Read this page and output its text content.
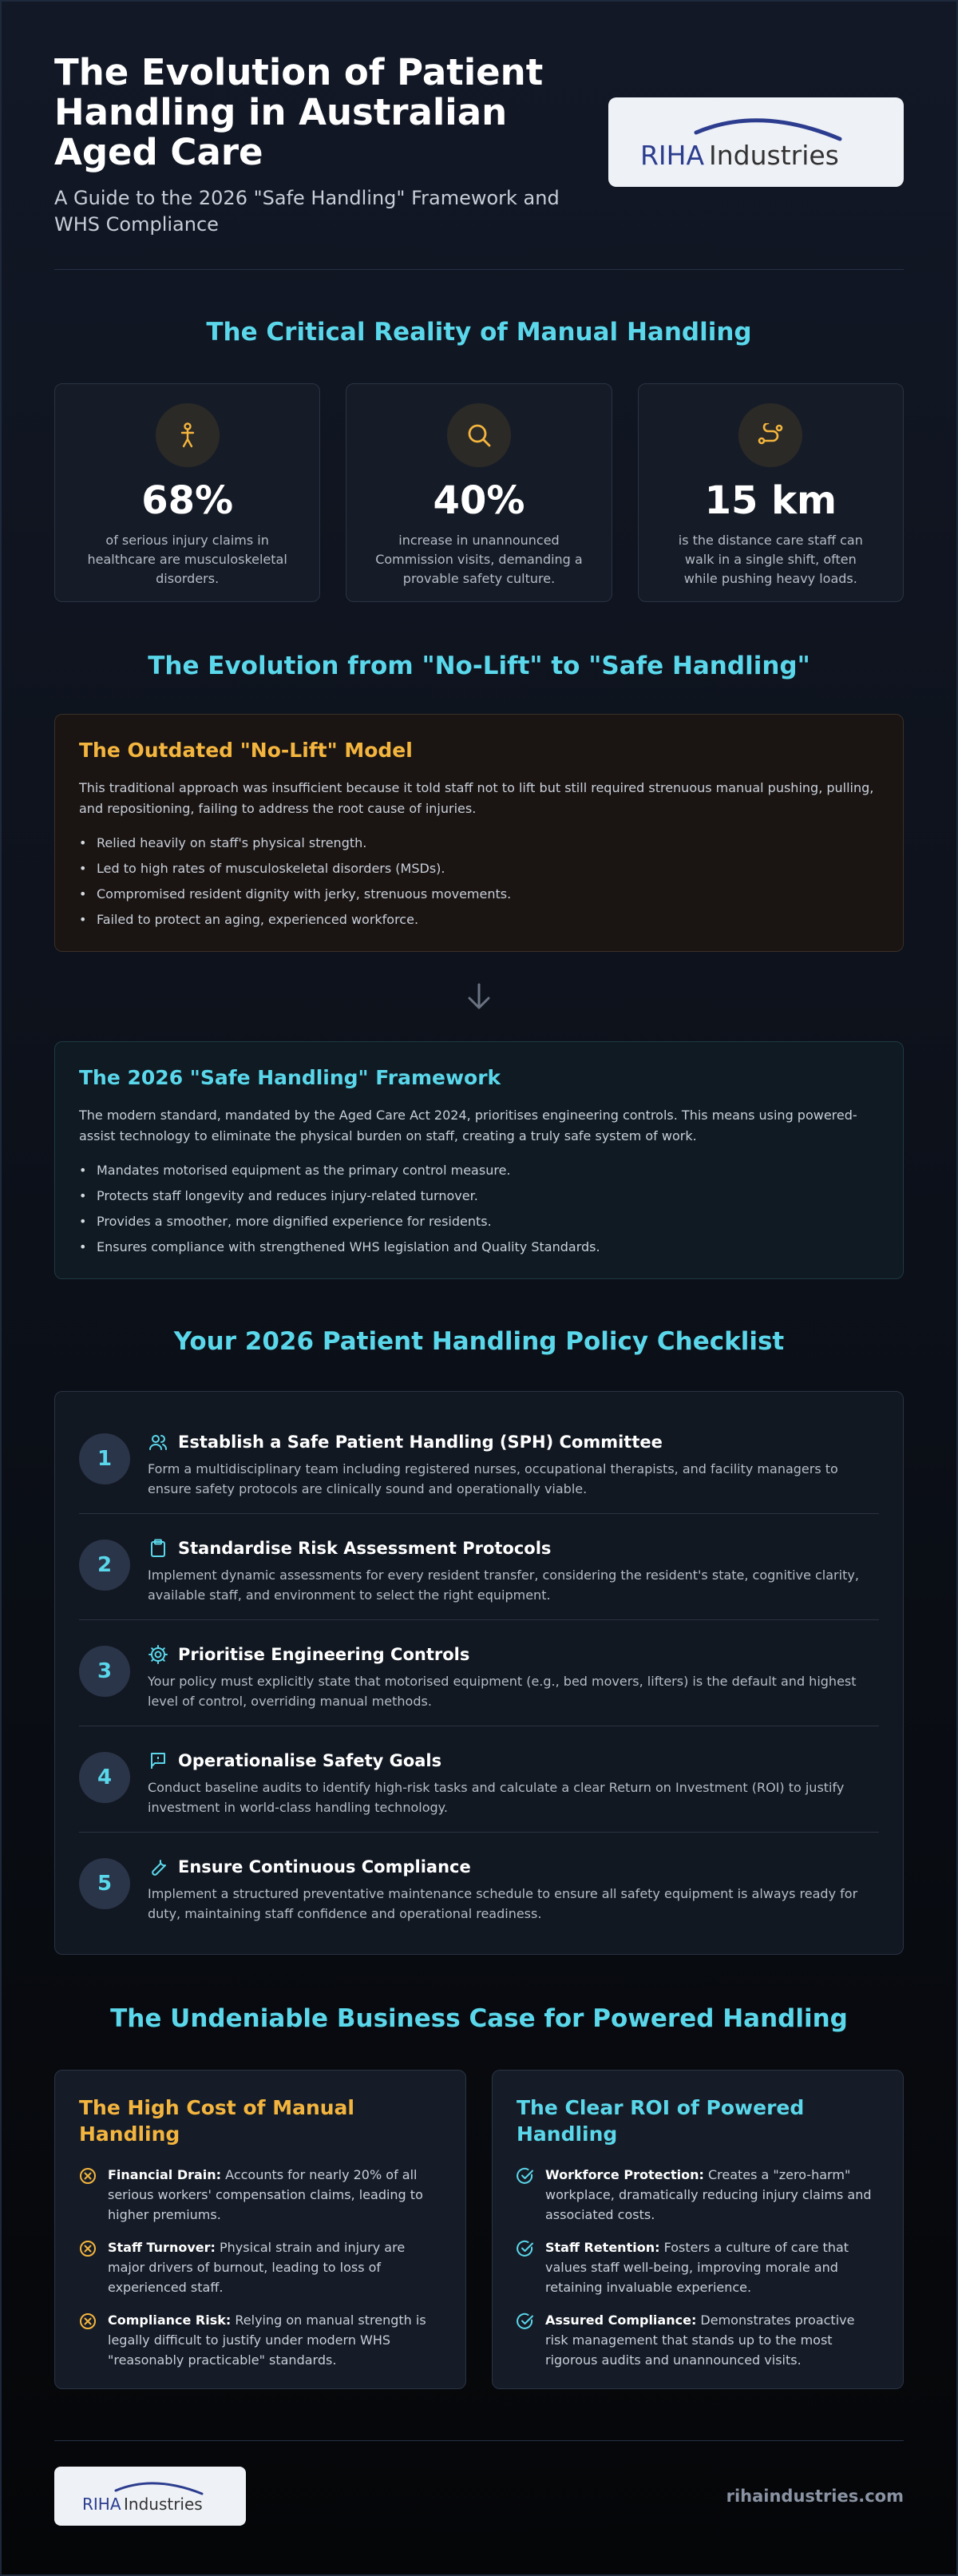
The Evolution of Patient Handling in Australian Aged Care

A Guide to the 2026 "Safe Handling" Framework and WHS Compliance

RIHA Industries
The Critical Reality of Manual Handling
68%

of serious injury claims in healthcare are musculoskeletal disorders.

40%

increase in unannounced Commission visits, demanding a provable safety culture.

15 km

is the distance care staff can walk in a single shift, often while pushing heavy loads.

The Evolution from "No-Lift" to "Safe Handling"
The Outdated "No-Lift" Model

This traditional approach was insufficient because it told staff not to lift but still required strenuous manual pushing, pulling, and repositioning, failing to address the root cause of injuries.

• Relied heavily on staff's physical strength.
• Led to high rates of musculoskeletal disorders (MSDs).
• Compromised resident dignity with jerky, strenuous movements.
• Failed to protect an aging, experienced workforce.
The 2026 "Safe Handling" Framework

The modern standard, mandated by the Aged Care Act 2024, prioritises engineering controls. This means using powered-assist technology to eliminate the physical burden on staff, creating a truly safe system of work.

• Mandates motorised equipment as the primary control measure.
• Protects staff longevity and reduces injury-related turnover.
• Provides a smoother, more dignified experience for residents.
• Ensures compliance with strengthened WHS legislation and Quality Standards.
Your 2026 Patient Handling Policy Checklist
1
Establish a Safe Patient Handling (SPH) Committee

Form a multidisciplinary team including registered nurses, occupational therapists, and facility managers to ensure safety protocols are clinically sound and operationally viable.

2
Standardise Risk Assessment Protocols

Implement dynamic assessments for every resident transfer, considering the resident's state, cognitive clarity, available staff, and environment to select the right equipment.

3
Prioritise Engineering Controls

Your policy must explicitly state that motorised equipment (e.g., bed movers, lifters) is the default and highest level of control, overriding manual methods.

4
Operationalise Safety Goals

Conduct baseline audits to identify high-risk tasks and calculate a clear Return on Investment (ROI) to justify investment in world-class handling technology.

5
Ensure Continuous Compliance

Implement a structured preventative maintenance schedule to ensure all safety equipment is always ready for duty, maintaining staff confidence and operational readiness.

The Undeniable Business Case for Powered Handling
The High Cost of Manual Handling
Financial Drain: Accounts for nearly 20% of all serious workers' compensation claims, leading to higher premiums.
Staff Turnover: Physical strain and injury are major drivers of burnout, leading to loss of experienced staff.
Compliance Risk: Relying on manual strength is legally difficult to justify under modern WHS "reasonably practicable" standards.
The Clear ROI of Powered Handling
Workforce Protection: Creates a "zero-harm" workplace, dramatically reducing injury claims and associated costs.
Staff Retention: Fosters a culture of care that values staff well-being, improving morale and retaining invaluable experience.
Assured Compliance: Demonstrates proactive risk management that stands up to the most rigorous audits and unannounced visits.
RIHA Industries	rihaindustries.com
